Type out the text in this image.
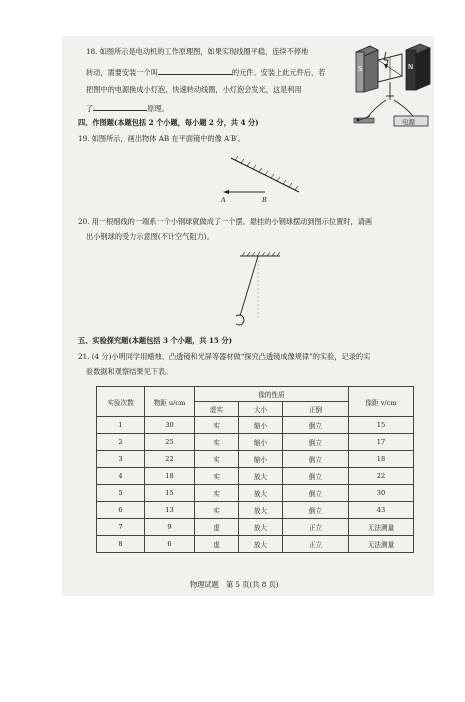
18. 如图所示是电动机的工作原理图，如果实现线圈平稳，连续不停地
转动，需要安装一个叫	的元件。安装上此元件后，若
把图中的电源换成小灯泡，快速转动线圈，小灯泡会发光，这是利用
了	原理。
S	N
电源
四、作图题(本题包括 2 个小题，每小题 2 分，共 4 分)
19. 如图所示，画出物体 AB 在平面镜中的像 A′B′。
A	B
20. 用一根细线的一端系一个小钢球就做成了一个摆。悬挂的小钢球摆动到图示位置时，请画
出小钢球的受力示意图(不计空气阻力)。
五、实验探究题(本题包括 3 个小题，共 15 分)
21. (4 分)小明同学用蜡烛、凸透镜和光屏等器材做“探究凸透镜成像规律”的实验，记录的实
验数据和观察结果见下表。
实验次数	物距 u/cm	像的性质			像距 v/cm
		虚实	大小	正倒	
1	30	实	缩小	倒立	15
2	25	实	缩小	倒立	17
3	22	实	缩小	倒立	18
4	18	实	放大	倒立	22
5	15	实	放大	倒立	30
6	13	实	放大	倒立	43
7	9	虚	放大	正立	无法测量
8	6	虚	放大	正立	无法测量
物理试题　第 5 页(共 8 页)
